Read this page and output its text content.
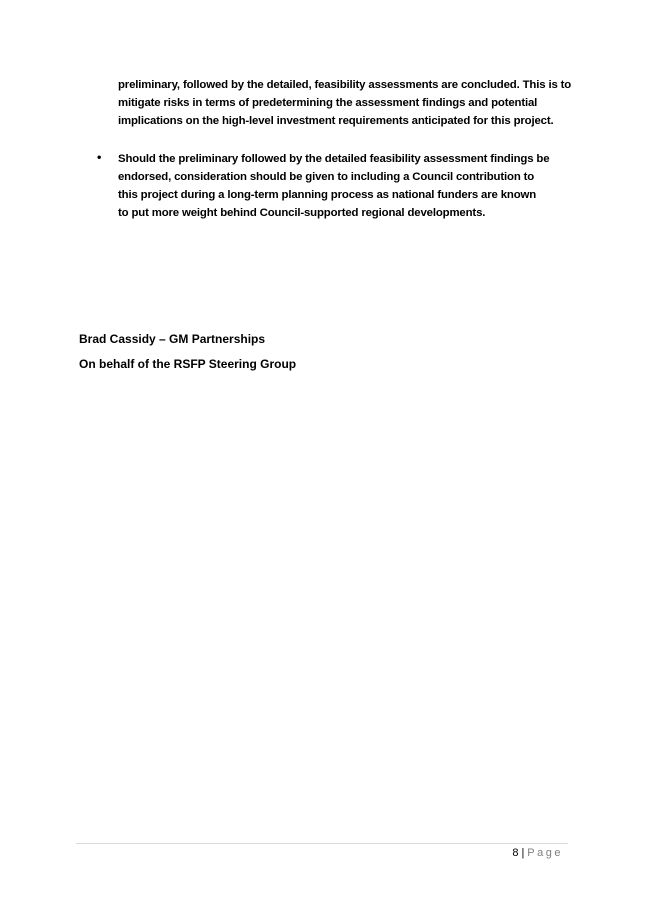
preliminary, followed by the detailed, feasibility assessments are concluded. This is to
mitigate risks in terms of predetermining the assessment findings and potential
implications on the high-level investment requirements anticipated for this project.
•	Should the preliminary followed by the detailed feasibility assessment findings be
endorsed, consideration should be given to including a Council contribution to
this project during a long-term planning process as national funders are known
to put more weight behind Council-supported regional developments.
Brad Cassidy – GM Partnerships
On behalf of the RSFP Steering Group
8 | Page
